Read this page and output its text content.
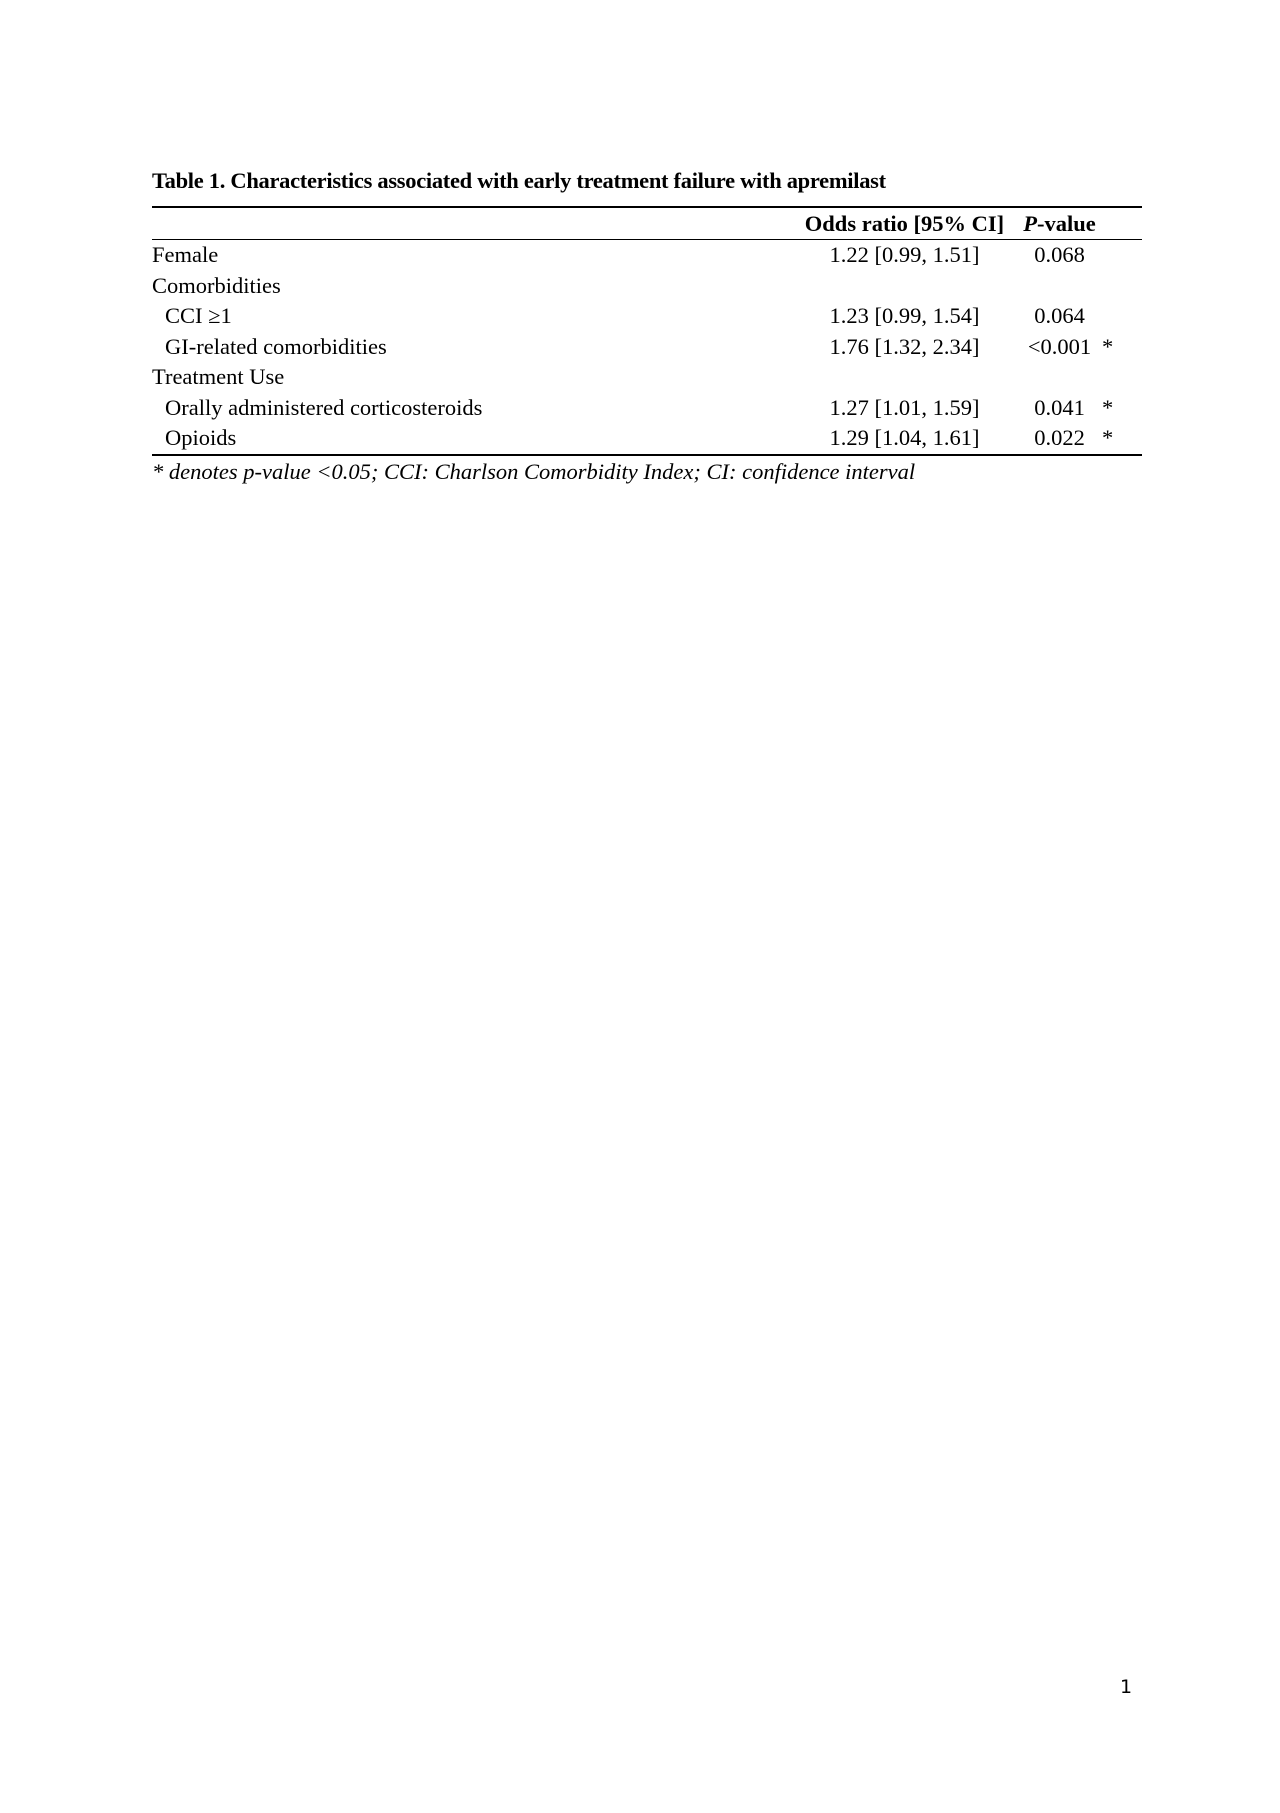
Table 1. Characteristics associated with early treatment failure with apremilast
	Odds ratio [95% CI]	P-value	
Female	1.22 [0.99, 1.51]	0.068	
Comorbidities			
CCI ≥1	1.23 [0.99, 1.54]	0.064	
GI-related comorbidities	1.76 [1.32, 2.34]	<0.001	*
Treatment Use			
Orally administered corticosteroids	1.27 [1.01, 1.59]	0.041	*
Opioids	1.29 [1.04, 1.61]	0.022	*
* denotes p-value <0.05; CCI: Charlson Comorbidity Index; CI: confidence interval
1
